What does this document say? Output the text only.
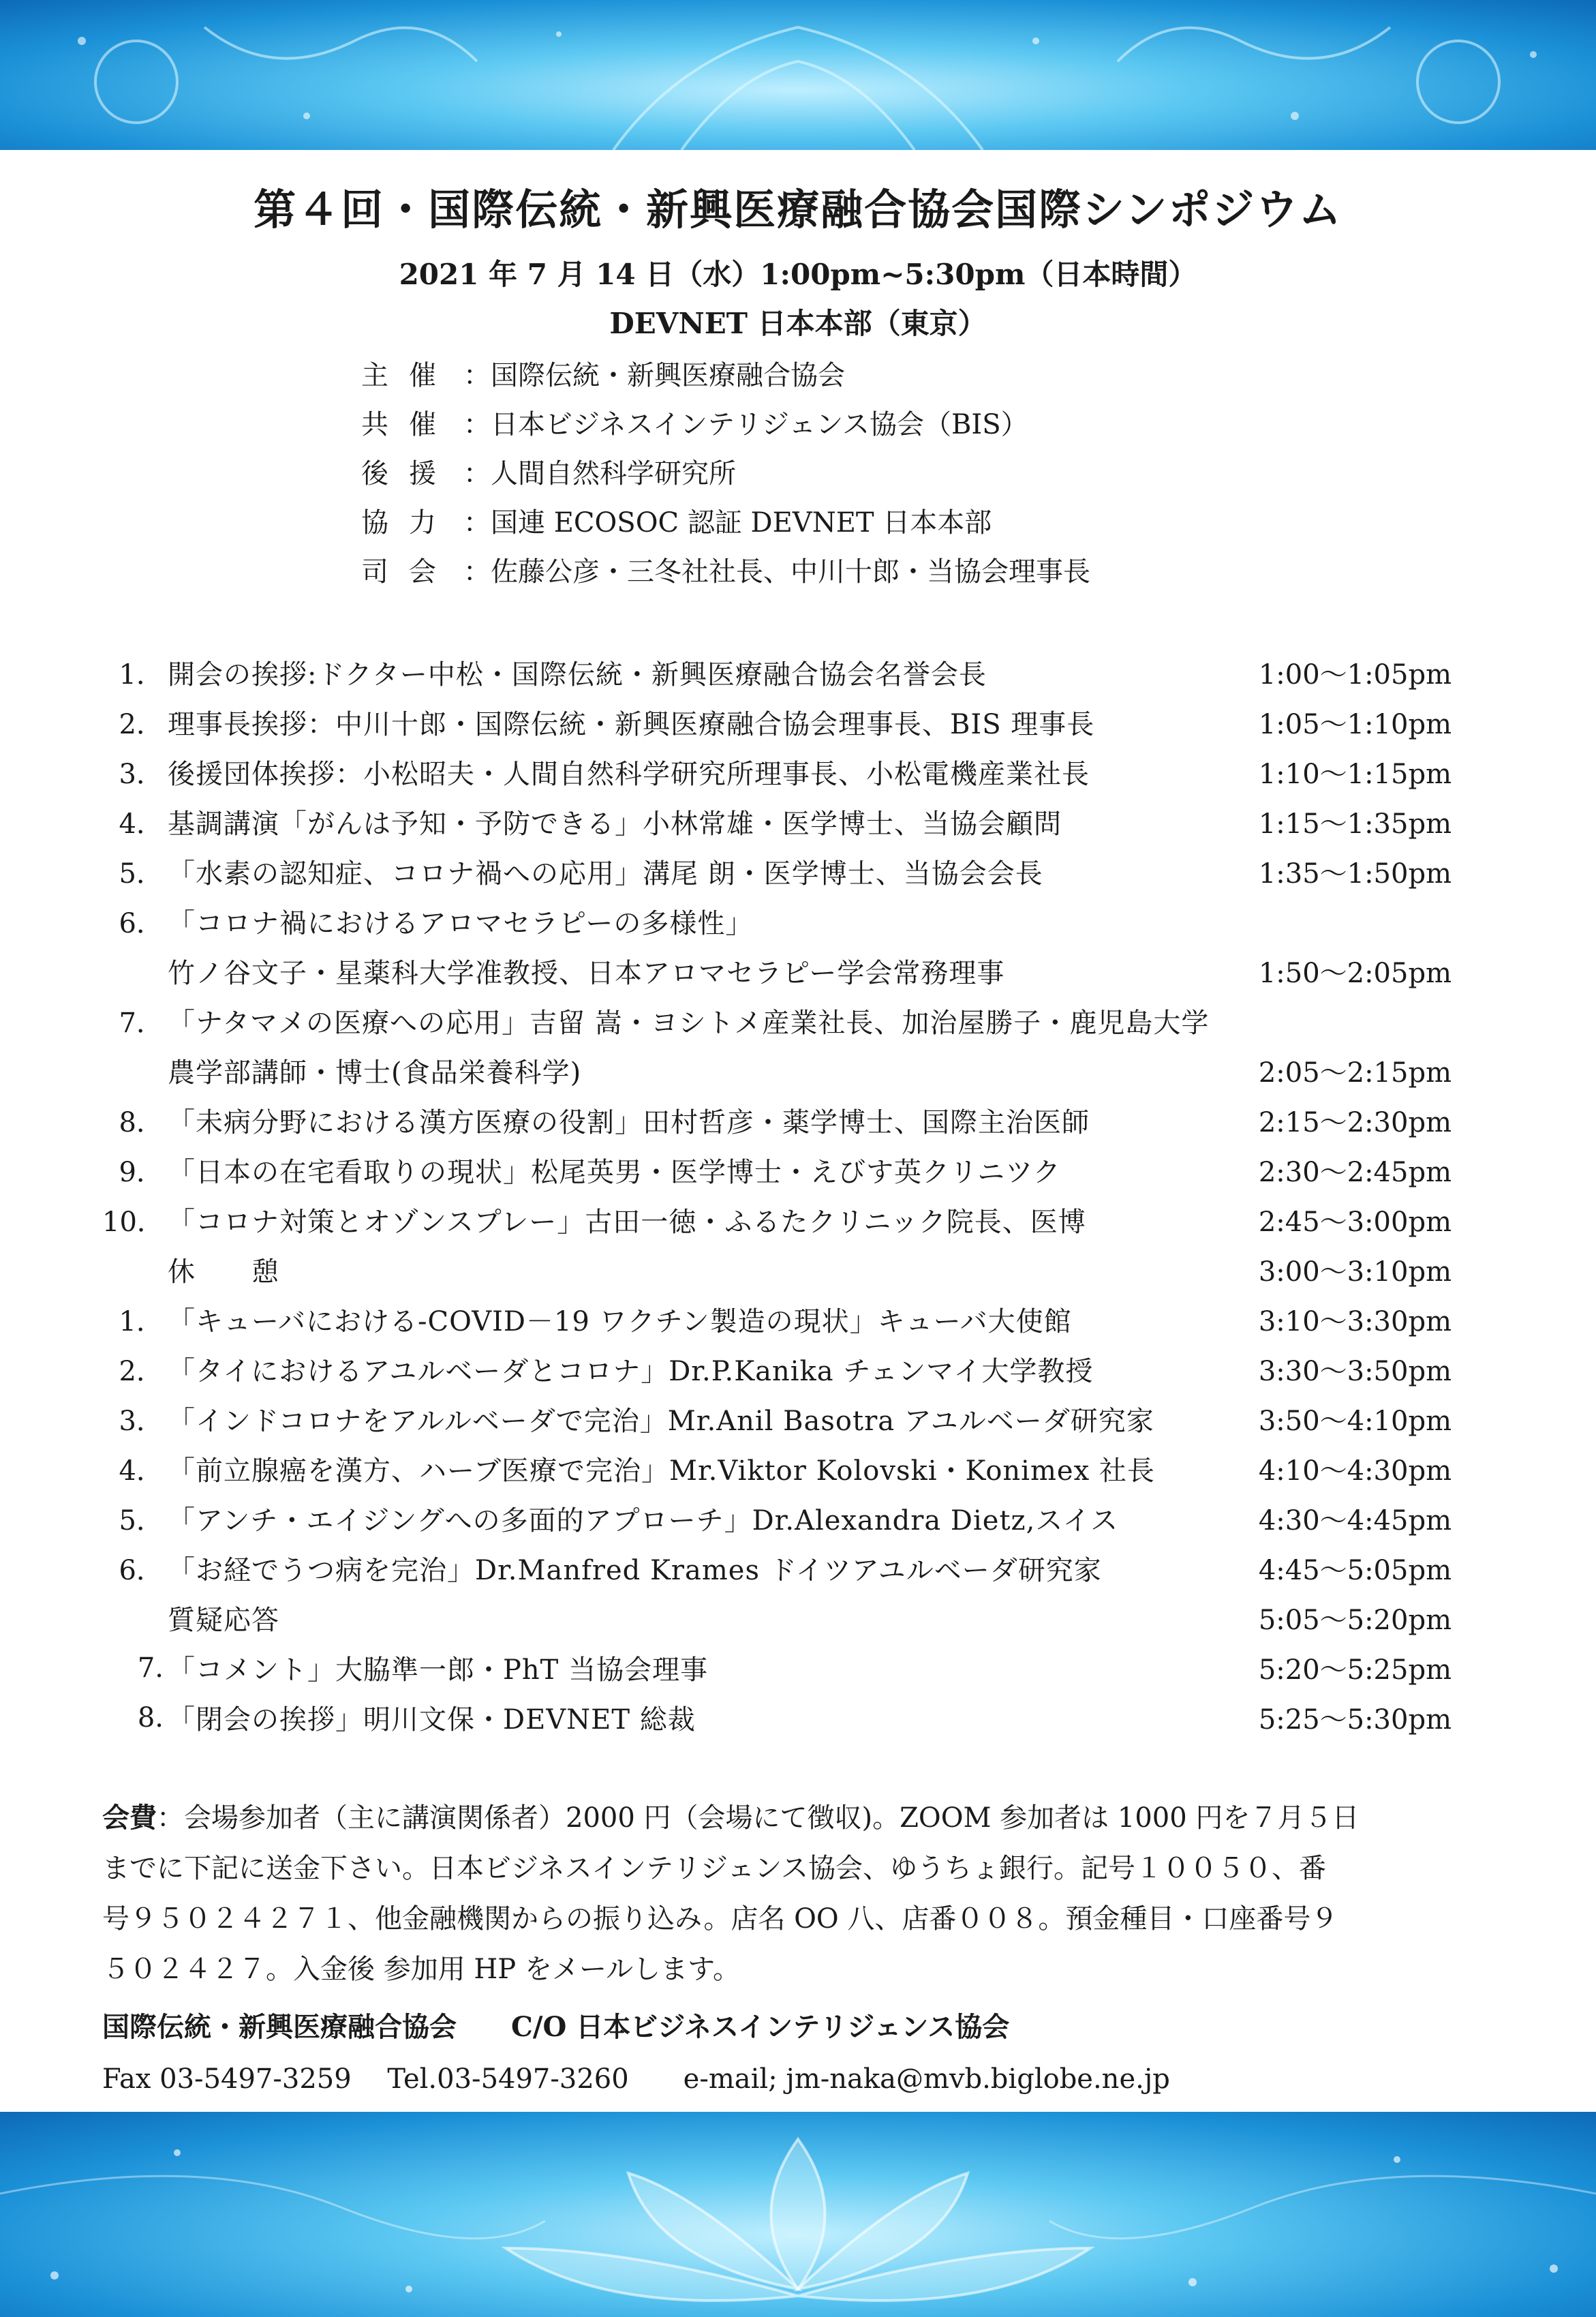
第４回・国際伝統・新興医療融合協会国際シンポジウム
2021 年 7 月 14 日（水）1:00pm~5:30pm（日本時間）
DEVNET 日本本部（東京）
主催 ：国際伝統・新興医療融合協会
共催 ：日本ビジネスインテリジェンス協会（BIS）
後援 ：人間自然科学研究所
協力 ：国連 ECOSOC 認証 DEVNET 日本本部
司会 ：佐藤公彦・三冬社社長、中川十郎・当協会理事長
1． 開会の挨拶:ドクター中松・国際伝統・新興医療融合協会名誉会長	1:00～1:05pm
2． 理事長挨拶：中川十郎・国際伝統・新興医療融合協会理事長、BIS 理事長	1:05～1:10pm
3． 後援団体挨拶：小松昭夫・人間自然科学研究所理事長、小松電機産業社長	1:10～1:15pm
4． 基調講演「がんは予知・予防できる」小林常雄・医学博士、当協会顧問	1:15～1:35pm
5． 「水素の認知症、コロナ禍への応用」溝尾 朗・医学博士、当協会会長	1:35～1:50pm
6． 「コロナ禍におけるアロマセラピーの多様性」
竹ノ谷文子・星薬科大学准教授、日本アロマセラピー学会常務理事	1:50～2:05pm
7． 「ナタマメの医療への応用」吉留 嵩・ヨシトメ産業社長、加治屋勝子・鹿児島大学
農学部講師・博士(食品栄養科学)	2:05～2:15pm
8． 「未病分野における漢方医療の役割」田村哲彦・薬学博士、国際主治医師	2:15～2:30pm
9． 「日本の在宅看取りの現状」松尾英男・医学博士・えびす英クリニツク	2:30～2:45pm
10． 「コロナ対策とオゾンスプレー」古田一徳・ふるたクリニック院長、医博	2:45～3:00pm
休　　憩	3:00～3:10pm
1． 「キューバにおける-COVID－19 ワクチン製造の現状」キューバ大使館	3:10～3:30pm
2． 「タイにおけるアユルベーダとコロナ」Dr.P.Kanika チェンマイ大学教授	3:30～3:50pm
3． 「インドコロナをアルルベーダで完治」Mr.Anil Basotra アユルベーダ研究家	3:50～4:10pm
4． 「前立腺癌を漢方、ハーブ医療で完治」Mr.Viktor Kolovski・Konimex 社長	4:10～4:30pm
5． 「アンチ・エイジングへの多面的アプローチ」Dr.Alexandra Dietz,スイス	4:30～4:45pm
6． 「お経でうつ病を完治」Dr.Manfred Krames ドイツアユルベーダ研究家	4:45～5:05pm
質疑応答	5:05～5:20pm
7. 「コメント」大脇準一郎・PhT 当協会理事	5:20～5:25pm
8. 「閉会の挨拶」明川文保・DEVNET 総裁	5:25～5:30pm
会費：会場参加者（主に講演関係者）2000 円（会場にて徴収)。ZOOM 参加者は 1000 円を７月５日
までに下記に送金下さい。日本ビジネスインテリジェンス協会、ゆうちょ銀行。記号１００５０、番
号９５０２４２７１、他金融機関からの振り込み。店名 OO 八、店番００８。預金種目・口座番号９
５０２４２７。入金後 参加用 HP をメールします。
国際伝統・新興医療融合協会　　C/O 日本ビジネスインテリジェンス協会
Fax 03-5497-3259　 Tel.03-5497-3260　　e-mail; jm-naka@mvb.biglobe.ne.jp
